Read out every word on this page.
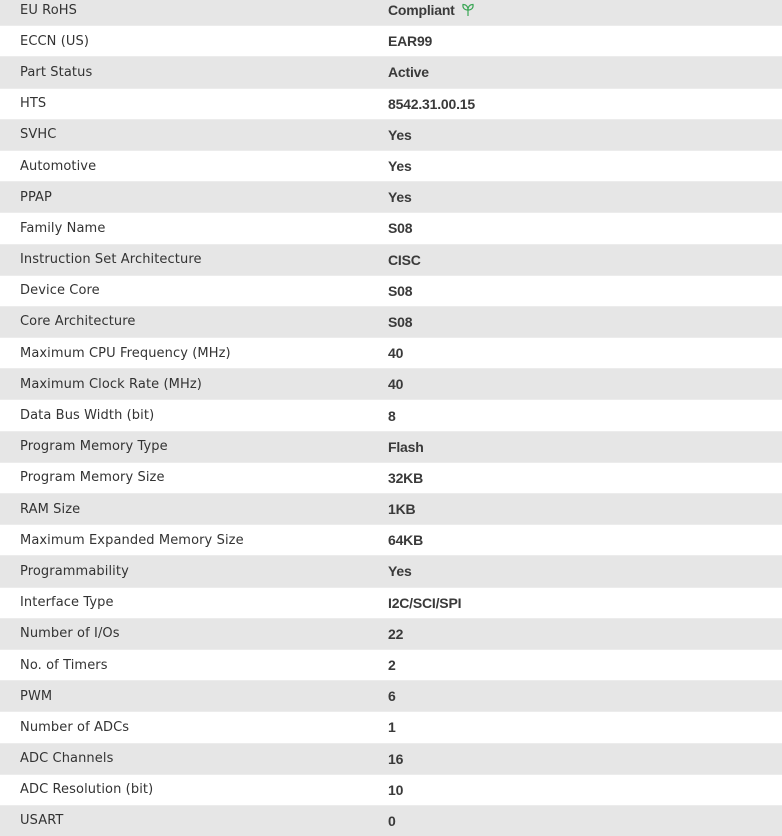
EU RoHS	Compliant
ECCN (US)	EAR99
Part Status	Active
HTS	8542.31.00.15
SVHC	Yes
Automotive	Yes
PPAP	Yes
Family Name	S08
Instruction Set Architecture	CISC
Device Core	S08
Core Architecture	S08
Maximum CPU Frequency (MHz)	40
Maximum Clock Rate (MHz)	40
Data Bus Width (bit)	8
Program Memory Type	Flash
Program Memory Size	32KB
RAM Size	1KB
Maximum Expanded Memory Size	64KB
Programmability	Yes
Interface Type	I2C/SCI/SPI
Number of I/Os	22
No. of Timers	2
PWM	6
Number of ADCs	1
ADC Channels	16
ADC Resolution (bit)	10
USART	0
